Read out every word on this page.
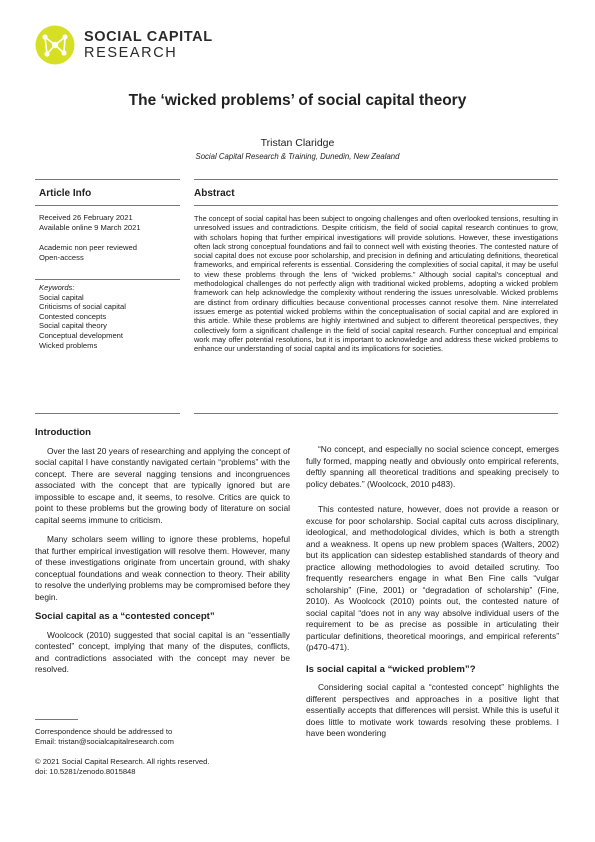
SOCIAL CAPITAL
RESEARCH
The ‘wicked problems’ of social capital theory
Tristan Claridge
Social Capital Research & Training, Dunedin, New Zealand
Article Info	Abstract
Received 26 February 2021
Available online 9 March 2021
Academic non peer reviewed
Open-access
Keywords:
Social capital
Criticisms of social capital
Contested concepts
Social capital theory
Conceptual development
Wicked problems
The concept of social capital has been subject to ongoing challenges and often overlooked tensions, resulting in unresolved issues and contradictions. Despite criticism, the field of social capital research continues to grow, with scholars hoping that further empirical investigations will provide solutions. However, these investigations often lack strong conceptual foundations and fail to connect well with existing theories. The contested nature of social capital does not excuse poor scholarship, and precision in defining and articulating definitions, theoretical frameworks, and empirical referents is essential. Considering the complexities of social capital, it may be useful to view these problems through the lens of “wicked problems.” Although social capital's conceptual and methodological challenges do not perfectly align with traditional wicked problems, adopting a wicked problem framework can help acknowledge the complexity without rendering the issues unresolvable. Wicked problems are distinct from ordinary difficulties because conventional processes cannot resolve them. Nine interrelated issues emerge as potential wicked problems within the conceptualisation of social capital and are explored in this article. While these problems are highly intertwined and subject to different theoretical perspectives, they collectively form a significant challenge in the field of social capital research. Further conceptual and empirical work may offer potential resolutions, but it is important to acknowledge and address these wicked problems to enhance our understanding of social capital and its implications for societies.
Introduction

Over the last 20 years of researching and applying the concept of social capital I have constantly navigated certain “problems” with the concept. There are several nagging tensions and incongruences associated with the concept that are typically ignored but are impossible to escape and, it seems, to resolve. Critics are quick to point to these problems but the growing body of literature on social capital seems immune to criticism.

Many scholars seem willing to ignore these problems, hopeful that further empirical investigation will resolve them. However, many of these investigations originate from uncertain ground, with shaky conceptual foundations and weak connection to theory. Their ability to resolve the underlying problems may be compromised before they begin.

Social capital as a “contested concept”

Woolcock (2010) suggested that social capital is an “essentially contested” concept, implying that many of the disputes, conflicts, and contradictions associated with the concept may never be resolved.

Correspondence should be addressed to
Email: tristan@socialcapitalresearch.com
© 2021 Social Capital Research. All rights reserved.
doi: 10.5281/zenodo.8015848

“No concept, and especially no social science concept, emerges fully formed, mapping neatly and obviously onto empirical referents, deftly spanning all theoretical traditions and speaking precisely to policy debates.” (Woolcock, 2010 p483).

This contested nature, however, does not provide a reason or excuse for poor scholarship. Social capital cuts across disciplinary, ideological, and methodological divides, which is both a strength and a weakness. It opens up new problem spaces (Walters, 2002) but its application can sidestep established standards of theory and practice allowing methodologies to avoid detailed scrutiny. Too frequently researchers engage in what Ben Fine calls “vulgar scholarship” (Fine, 2001) or “degradation of scholarship” (Fine, 2010). As Woolcock (2010) points out, the contested nature of social capital “does not in any way absolve individual users of the requirement to be as precise as possible in articulating their particular definitions, theoretical moorings, and empirical referents” (p470-471).

Is social capital a “wicked problem”?

Considering social capital a “contested concept” highlights the different perspectives and approaches in a positive light that essentially accepts that differences will persist. While this is useful it does little to motivate work towards resolving these problems. I have been wondering
